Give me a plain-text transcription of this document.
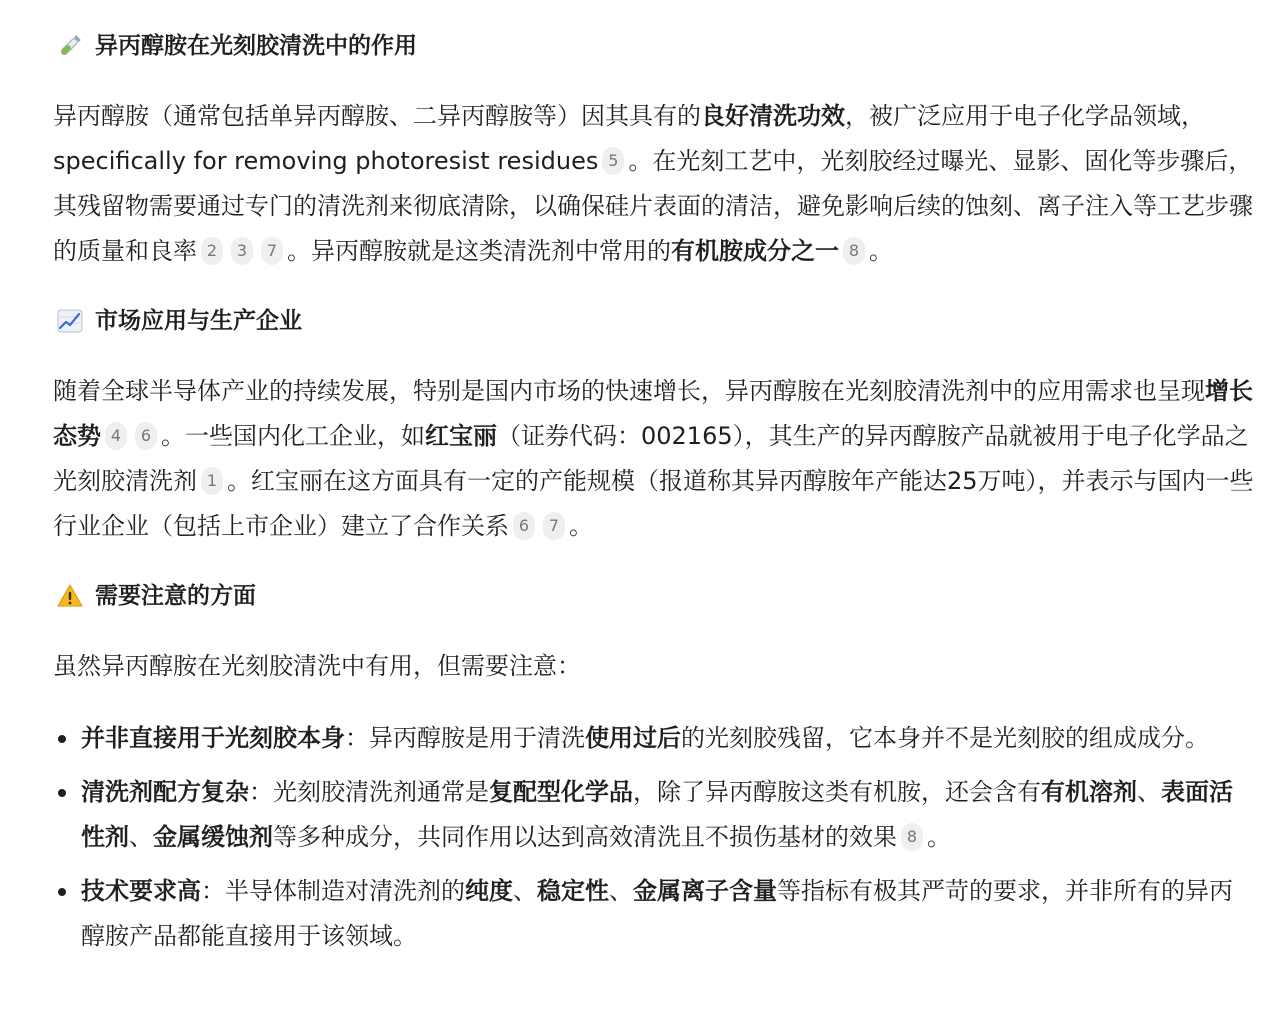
异丙醇胺在光刻胶清洗中的作用
异丙醇胺（通常包括单异丙醇胺、二异丙醇胺等）因其具有的良好清洗功效，被广泛应用于电子化学品领域， specifically for removing photoresist residues 5 。在光刻工艺中，光刻胶经过曝光、显影、固化等步骤后，其残留物需要通过专门的清洗剂来彻底清除，以确保硅片表面的清洁，避免影响后续的蚀刻、离子注入等工艺步骤的质量和良率 2 3 7 。异丙醇胺就是这类清洗剂中常用的有机胺成分之一 8 。
市场应用与生产企业
随着全球半导体产业的持续发展，特别是国内市场的快速增长，异丙醇胺在光刻胶清洗剂中的应用需求也呈现增长态势 4 6 。一些国内化工企业，如红宝丽（证券代码：002165），其生产的异丙醇胺产品就被用于电子化学品之光刻胶清洗剂 1 。红宝丽在这方面具有一定的产能规模（报道称其异丙醇胺年产能达25万吨），并表示与国内一些行业企业（包括上市企业）建立了合作关系 6 7 。
需要注意的方面
虽然异丙醇胺在光刻胶清洗中有用，但需要注意：
并非直接用于光刻胶本身：异丙醇胺是用于清洗使用过后的光刻胶残留，它本身并不是光刻胶的组成成分。
清洗剂配方复杂：光刻胶清洗剂通常是复配型化学品，除了异丙醇胺这类有机胺，还会含有有机溶剂、表面活性剂、金属缓蚀剂等多种成分，共同作用以达到高效清洗且不损伤基材的效果 8 。
技术要求高：半导体制造对清洗剂的纯度、稳定性、金属离子含量等指标有极其严苛的要求，并非所有的异丙醇胺产品都能直接用于该领域。
